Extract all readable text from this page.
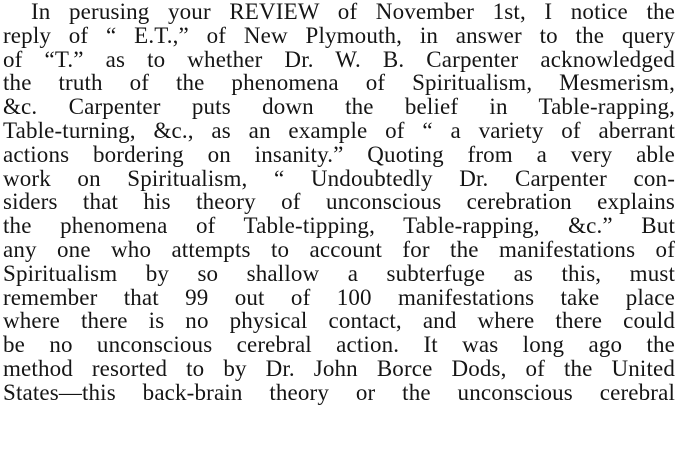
In perusing your REVIEW of November 1st, I notice the
reply of “ E.T.,” of New Plymouth, in answer to the query
of “T.” as to whether Dr. W. B. Carpenter acknowledged
the truth of the phenomena of Spiritualism, Mesmerism,
&c. Carpenter puts down the belief in Table-rapping,
Table-turning, &c., as an example of “ a variety of aberrant
actions bordering on insanity.” Quoting from a very able
work on Spiritualism, “ Undoubtedly Dr. Carpenter con-
siders that his theory of unconscious cerebration explains
the phenomena of Table-tipping, Table-rapping, &c.” But
any one who attempts to account for the manifestations of
Spiritualism by so shallow a subterfuge as this, must
remember that 99 out of 100 manifestations take place
where there is no physical contact, and where there could
be no unconscious cerebral action. It was long ago the
method resorted to by Dr. John Borce Dods, of the United
States—this back-brain theory or the unconscious cerebral
